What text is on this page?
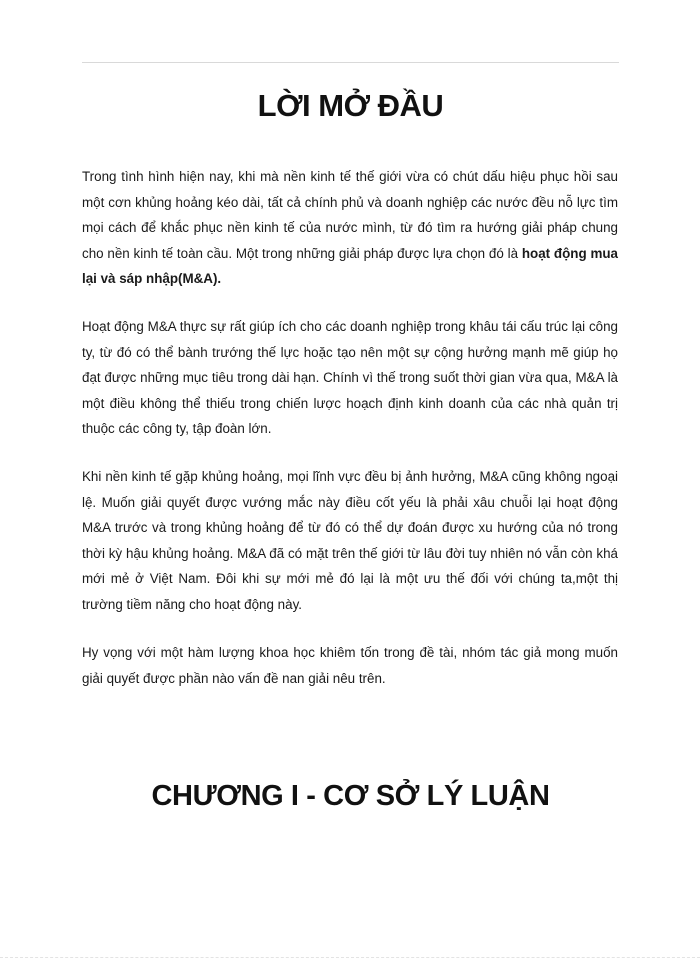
LỜI MỞ ĐẦU

Trong tình hình hiện nay, khi mà nền kinh tế thế giới vừa có chút dấu hiệu phục hồi sau một cơn khủng hoảng kéo dài, tất cả chính phủ và doanh nghiệp các nước đều nỗ lực tìm mọi cách để khắc phục nền kinh tế của nước mình, từ đó tìm ra hướng giải pháp chung cho nền kinh tế toàn cầu. Một trong những giải pháp được lựa chọn đó là hoạt động mua lại và sáp nhập(M&A).

Hoạt động M&A thực sự rất giúp ích cho các doanh nghiệp trong khâu tái cấu trúc lại công ty, từ đó có thể bành trướng thế lực hoặc tạo nên một sự cộng hưởng mạnh mẽ giúp họ đạt được những mục tiêu trong dài hạn. Chính vì thế trong suốt thời gian vừa qua, M&A là một điều không thể thiếu trong chiến lược hoạch định kinh doanh của các nhà quản trị thuộc các công ty, tập đoàn lớn.

Khi nền kinh tế gặp khủng hoảng, mọi lĩnh vực đều bị ảnh hưởng, M&A cũng không ngoại lệ. Muốn giải quyết được vướng mắc này điều cốt yếu là phải xâu chuỗi lại hoạt động M&A trước và trong khủng hoảng để từ đó có thể dự đoán được xu hướng của nó trong thời kỳ hậu khủng hoảng. M&A đã có mặt trên thế giới từ lâu đời tuy nhiên nó vẫn còn khá mới mẻ ở Việt Nam. Đôi khi sự mới mẻ đó lại là một ưu thế đối với chúng ta,một thị trường tiềm năng cho hoạt động này.

Hy vọng với một hàm lượng khoa học khiêm tốn trong đề tài, nhóm tác giả mong muốn giải quyết được phần nào vấn đề nan giải nêu trên.

CHƯƠNG I - CƠ SỞ LÝ LUẬN
